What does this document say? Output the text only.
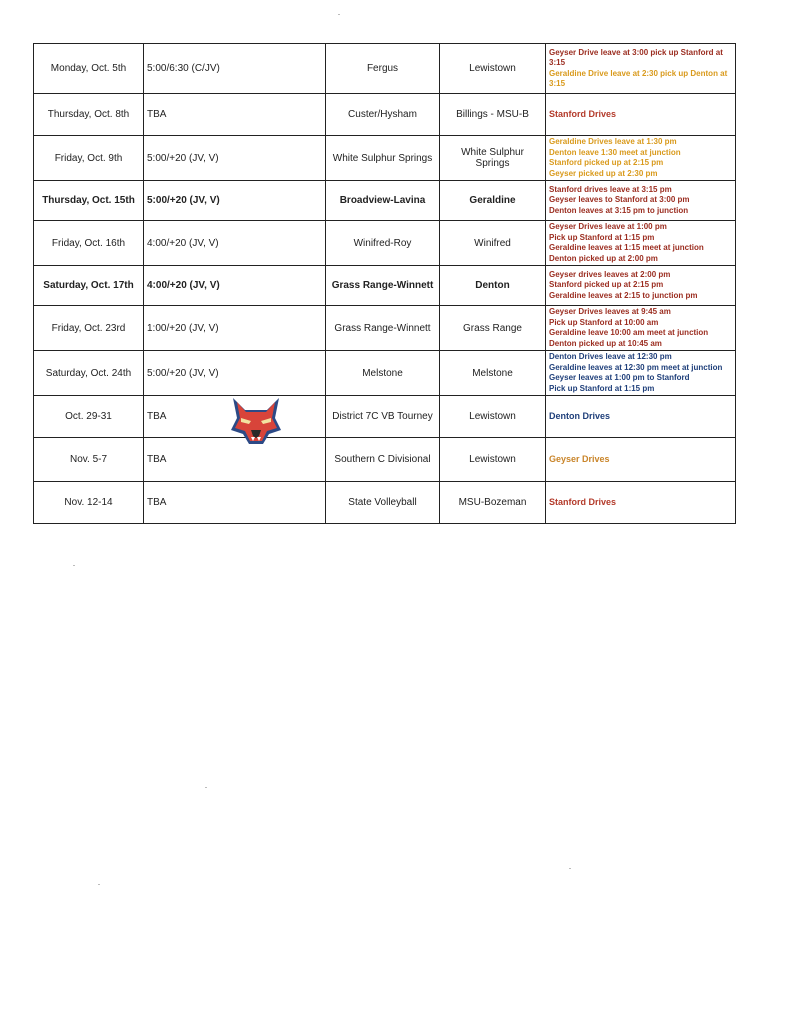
Monday, Oct. 5th	5:00/6:30 (C/JV)	Fergus	Lewistown	Geyser Drive leave at 3:00 pick up Stanford at 3:15
Geraldine Drive leave at 2:30 pick up Denton at 3:15

Thursday, Oct. 8th	TBA	Custer/Hysham	Billings - MSU-B	Stanford Drives

Friday, Oct. 9th	5:00/+20 (JV, V)	White Sulphur Springs	White Sulphur Springs	Geraldine Drives leave at 1:30 pm
Denton leave 1:30 meet at junction
Stanford picked up at 2:15 pm
Geyser picked up at 2:30 pm

Thursday, Oct. 15th	5:00/+20 (JV, V)	Broadview-Lavina	Geraldine	Stanford drives leave at 3:15 pm
Geyser leaves to Stanford at 3:00 pm
Denton leaves at 3:15 pm to junction

Friday, Oct. 16th	4:00/+20 (JV, V)	Winifred-Roy	Winifred	Geyser Drives leave at 1:00 pm
Pick up Stanford at 1:15 pm
Geraldine leaves at 1:15 meet at junction
Denton picked up at 2:00 pm

Saturday, Oct. 17th	4:00/+20 (JV, V)	Grass Range-Winnett	Denton	Geyser drives leaves at 2:00 pm
Stanford picked up at 2:15 pm
Geraldine leaves at 2:15 to junction pm

Friday, Oct. 23rd	1:00/+20 (JV, V)	Grass Range-Winnett	Grass Range	Geyser Drives leaves at 9:45 am
Pick up Stanford at 10:00 am
Geraldine leave 10:00 am meet at junction
Denton picked up at 10:45 am

Saturday, Oct. 24th	5:00/+20 (JV, V)	Melstone	Melstone	Denton Drives leave at 12:30 pm
Geraldine leaves at 12:30 pm meet at junction
Geyser leaves at 1:00 pm to Stanford
Pick up Stanford at 1:15 pm

Oct. 29-31	TBA	District 7C VB Tourney	Lewistown	Denton Drives

Nov. 5-7	TBA	Southern C Divisional	Lewistown	Geyser Drives

Nov. 12-14	TBA	State Volleyball	MSU-Bozeman	Stanford Drives
